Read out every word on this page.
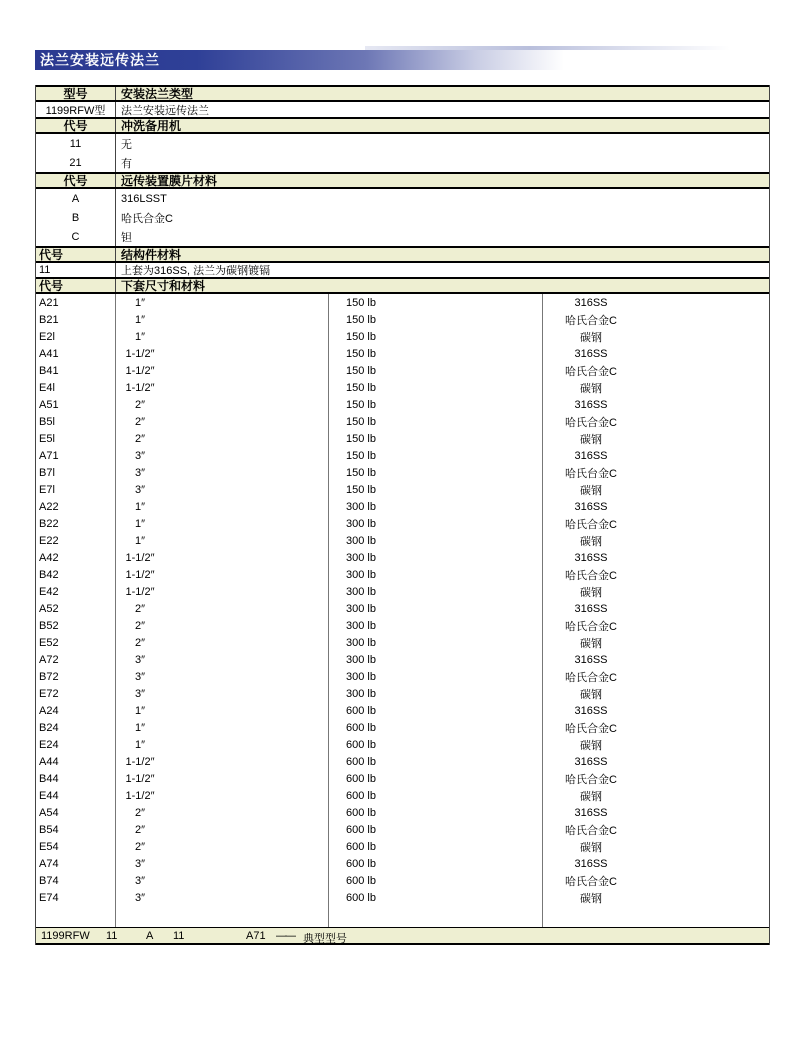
法兰安装远传法兰
型号	安装法兰类型
1199RFW型	法兰安装远传法兰
代号	冲洗备用机
11	无
21	有
代号	远传装置膜片材料
A	316LSST
B	哈氏合金C
C	钽
代号	结构件材料
11	上套为316SS, 法兰为碳钢镀镉
代号	下套尺寸和材料
A21	1″	150 lb	316SS
B21	1″	150 lb	哈氏合金C
E2l	1″	150 lb	碳钢
A41	1-1/2″	150 lb	316SS
B41	1-1/2″	150 lb	哈氏合金C
E4l	1-1/2″	150 lb	碳钢
A51	2″	150 lb	316SS
B5l	2″	150 lb	哈氏合金C
E5l	2″	150 lb	碳钢
A71	3″	150 lb	316SS
B7l	3″	150 lb	哈氏台金C
E7l	3″	150 lb	碳钢
A22	1″	300 lb	316SS
B22	1″	300 lb	哈氏合金C
E22	1″	300 lb	碳钢
A42	1-1/2″	300 lb	316SS
B42	1-1/2″	300 lb	哈氏合金C
E42	1-1/2″	300 lb	碳钢
A52	2″	300 lb	316SS
B52	2″	300 lb	哈氏合金C
E52	2″	300 lb	碳钢
A72	3″	300 lb	316SS
B72	3″	300 lb	哈氏合金C
E72	3″	300 lb	碳钢
A24	1″	600 lb	316SS
B24	1″	600 lb	哈氏合金C
E24	1″	600 lb	碳钢
A44	1-1/2″	600 lb	316SS
B44	1-1/2″	600 lb	哈氏合金C
E44	1-1/2″	600 lb	碳钢
A54	2″	600 lb	316SS
B54	2″	600 lb	哈氏合金C
E54	2″	600 lb	碳钢
A74	3″	600 lb	316SS
B74	3″	600 lb	哈氏合金C
E74	3″	600 lb	碳钢
1199RFW 11	A 11	A71 —— 典型型号
